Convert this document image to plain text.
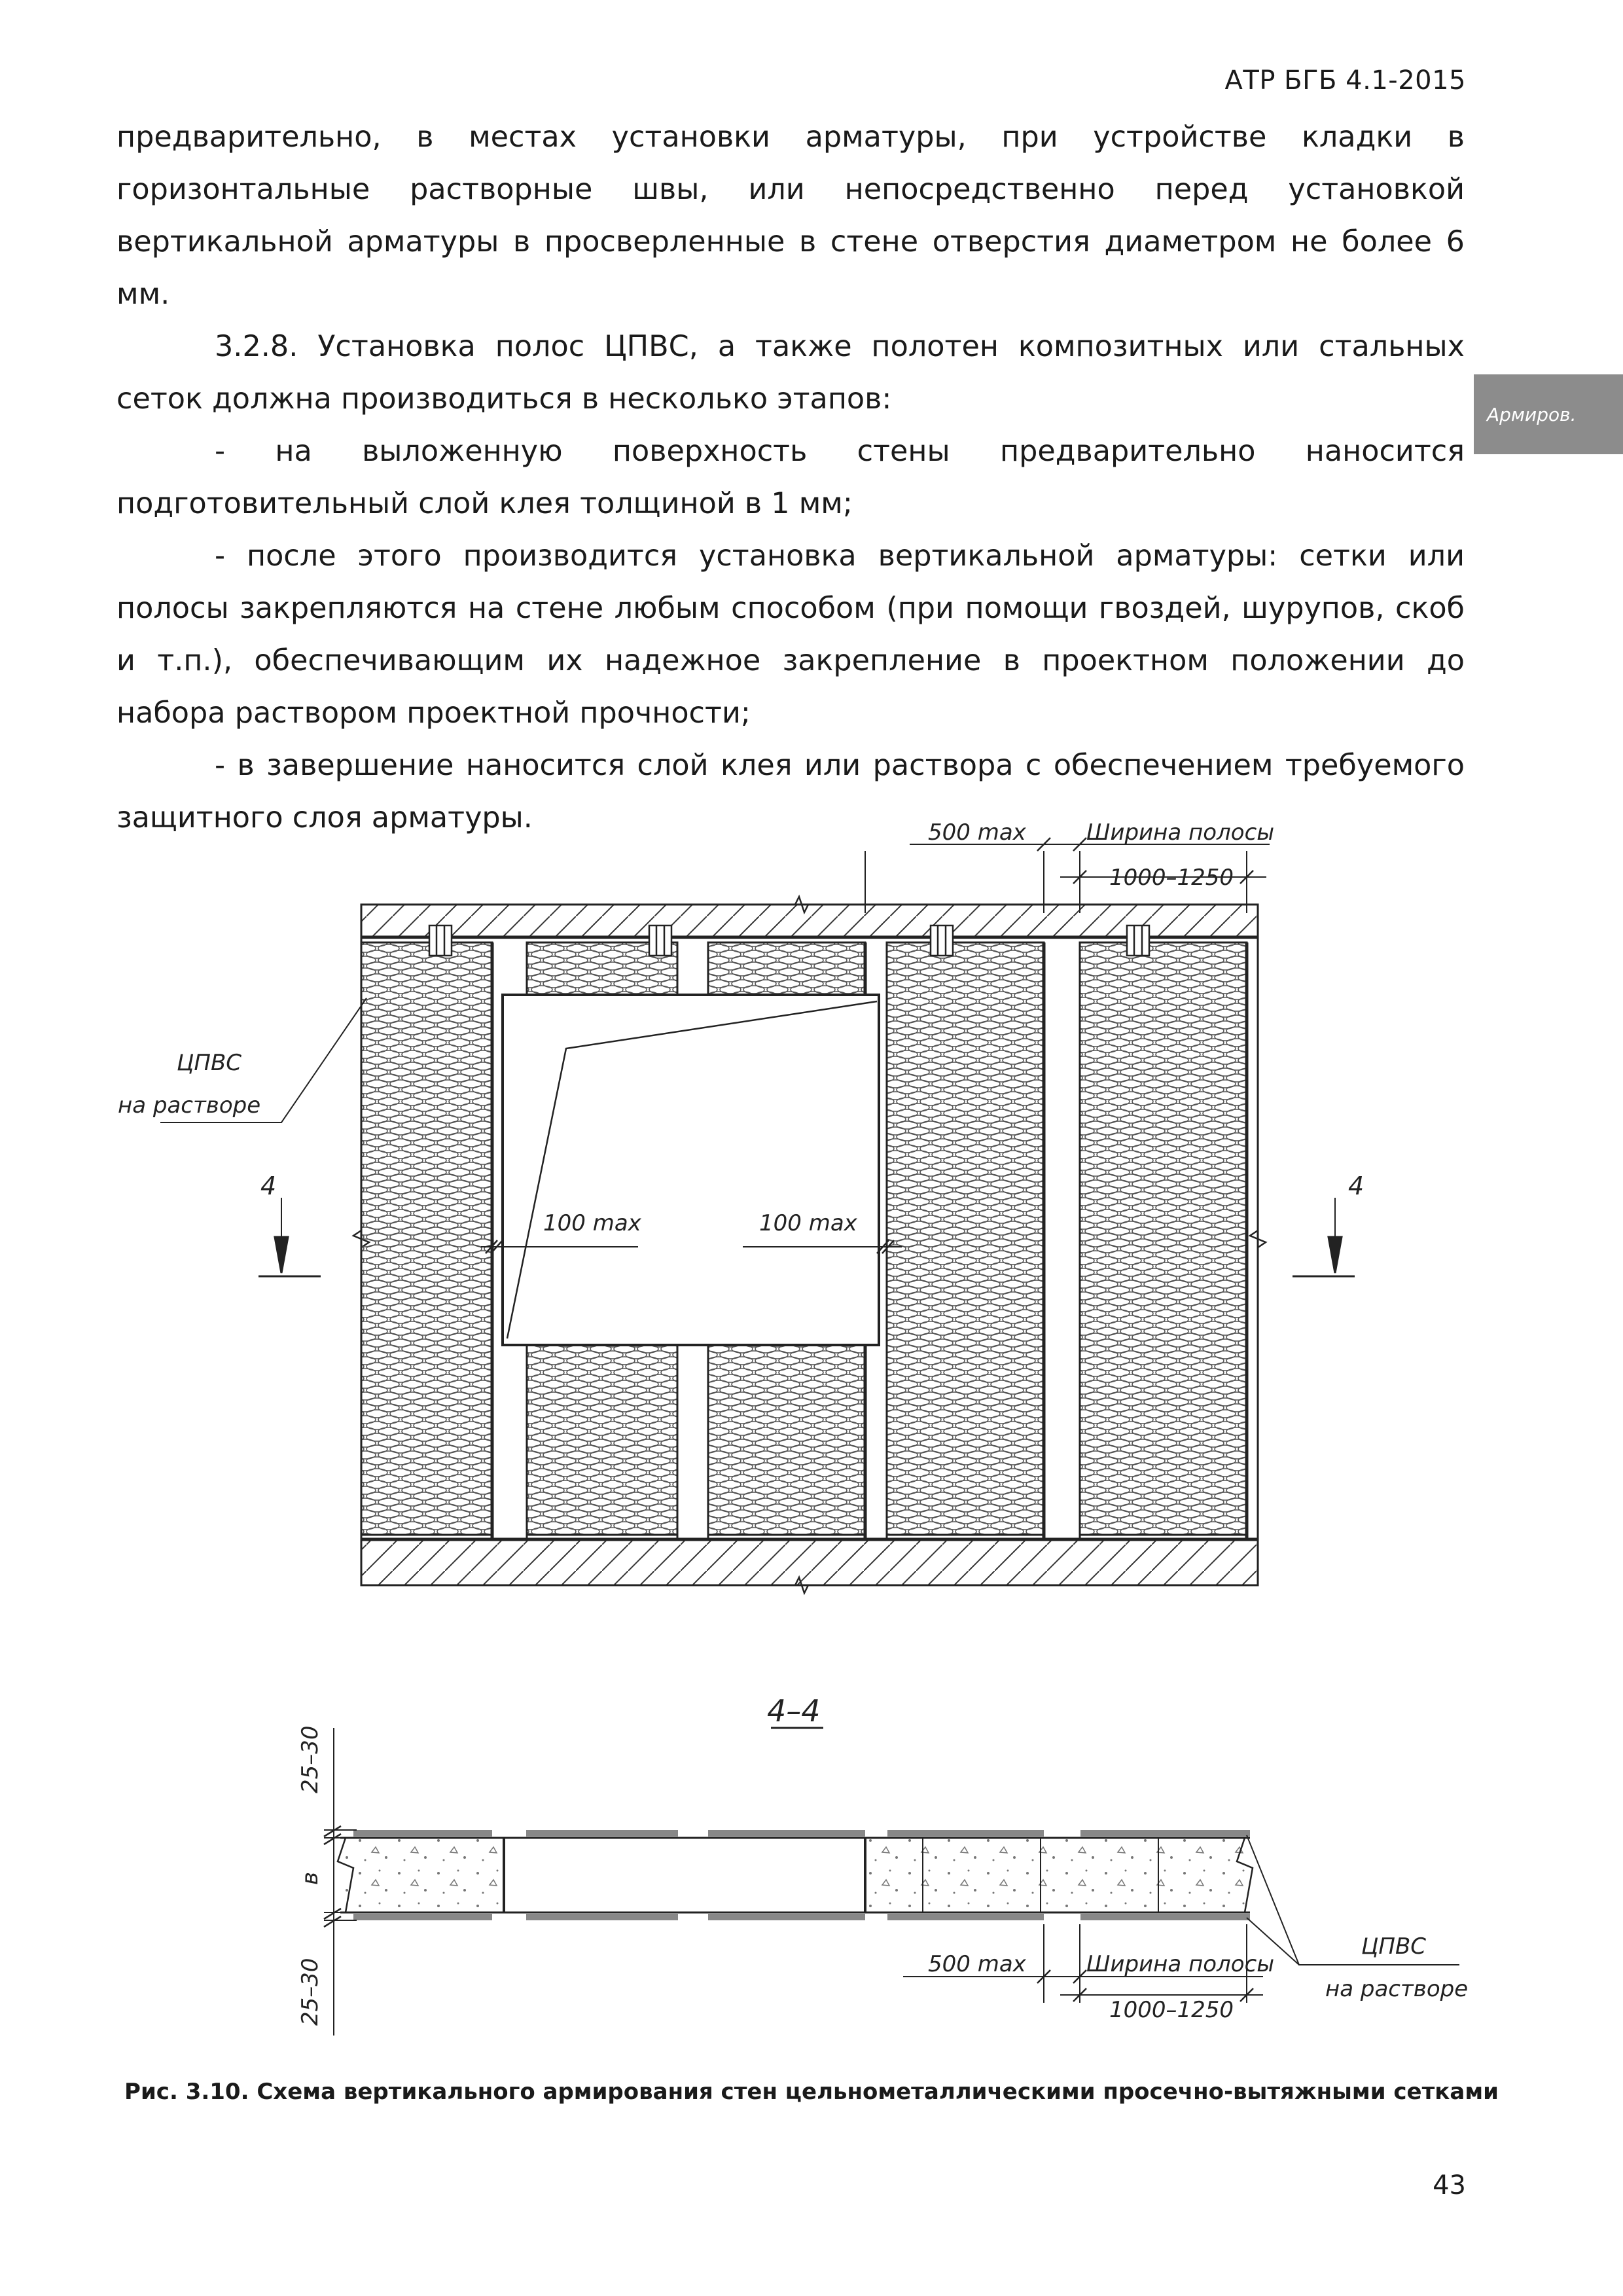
АТР БГБ 4.1-2015
Армиров.

предварительно, в местах установки арматуры, при устройстве кладки в горизонтальные растворные швы, или непосредственно перед установкой вертикальной арматуры в просверленные в стене отверстия диаметром не более 6 мм.

3.2.8. Установка полос ЦПВС, а также полотен композитных или стальных сеток должна производиться в несколько этапов:

- на выложенную поверхность стены предварительно наносится подготовительный слой клея толщиной в 1 мм;

- после этого производится установка вертикальной арматуры: сетки или полосы закрепляются на стене любым способом (при помощи гвоздей, шурупов, скоб и т.п.), обеспечивающим их надежное закрепление в проектном положении до набора раствором проектной прочности;

- в завершение наносится слой клея или раствора с обеспечением требуемого защитного слоя арматуры.	500 max	Ширина полосы
1000–1250
ЦПВС
на растворе
100 max	100 max
4	4
4–4
25–30
в
25–30	500 max	Ширина полосы
1000–1250
ЦПВС
на растворе
Рис. 3.10. Схема вертикального армирования стен цельнометаллическими просечно-вытяжными сетками
43
